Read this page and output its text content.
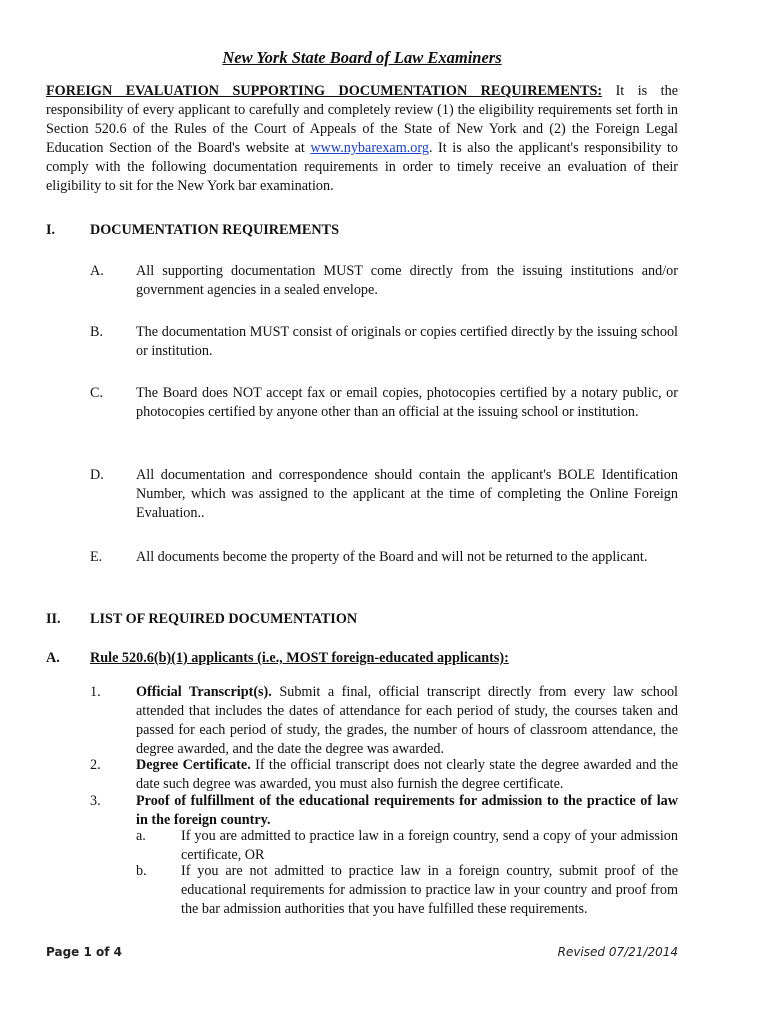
New York State Board of Law Examiners
FOREIGN EVALUATION SUPPORTING DOCUMENTATION REQUIREMENTS: It is the responsibility of every applicant to carefully and completely review (1) the eligibility requirements set forth in Section 520.6 of the Rules of the Court of Appeals of the State of New York and (2) the Foreign Legal Education Section of the Board's website at www.nybarexam.org. It is also the applicant's responsibility to comply with the following documentation requirements in order to timely receive an evaluation of their eligibility to sit for the New York bar examination.
I. DOCUMENTATION REQUIREMENTS
A. All supporting documentation MUST come directly from the issuing institutions and/or government agencies in a sealed envelope.
B. The documentation MUST consist of originals or copies certified directly by the issuing school or institution.
C. The Board does NOT accept fax or email copies, photocopies certified by a notary public, or photocopies certified by anyone other than an official at the issuing school or institution.
D. All documentation and correspondence should contain the applicant's BOLE Identification Number, which was assigned to the applicant at the time of completing the Online Foreign Evaluation..
E. All documents become the property of the Board and will not be returned to the applicant.
II. LIST OF REQUIRED DOCUMENTATION
A. Rule 520.6(b)(1) applicants (i.e., MOST foreign-educated applicants):
1. Official Transcript(s). Submit a final, official transcript directly from every law school attended that includes the dates of attendance for each period of study, the courses taken and passed for each period of study, the grades, the number of hours of classroom attendance, the degree awarded, and the date the degree was awarded.
2. Degree Certificate. If the official transcript does not clearly state the degree awarded and the date such degree was awarded, you must also furnish the degree certificate.
3. Proof of fulfillment of the educational requirements for admission to the practice of law in the foreign country.
a. If you are admitted to practice law in a foreign country, send a copy of your admission certificate, OR
b. If you are not admitted to practice law in a foreign country, submit proof of the educational requirements for admission to practice law in your country and proof from the bar admission authorities that you have fulfilled these requirements.
Page 1 of 4	Revised 07/21/2014
